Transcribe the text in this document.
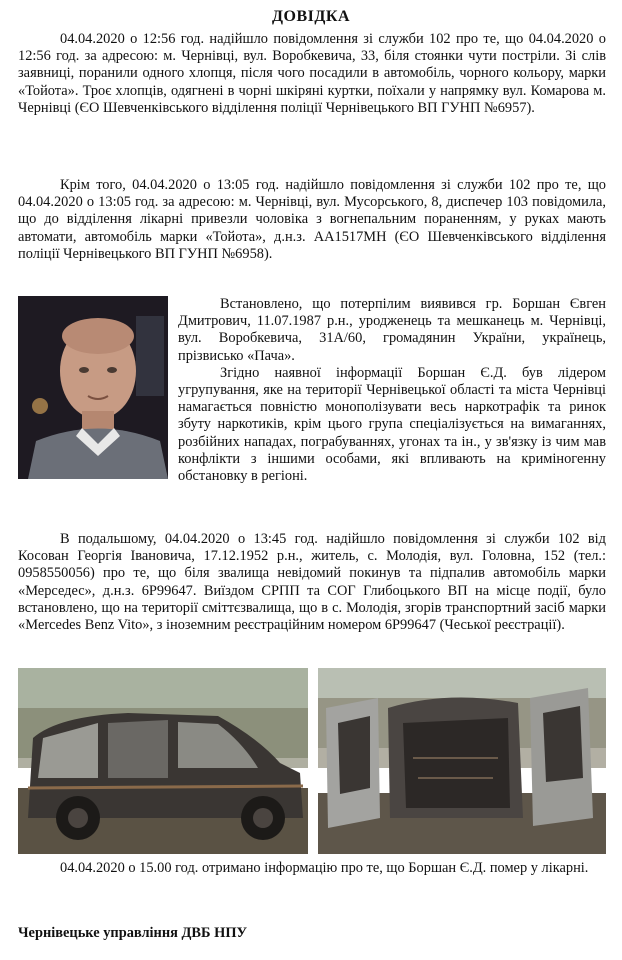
ДОВІДКА

04.04.2020 о 12:56 год. надійшло повідомлення зі служби 102 про те, що 04.04.2020 о 12:56 год. за адресою: м. Чернівці, вул. Воробкевича, 33, біля стоянки чути постріли. Зі слів заявниці, поранили одного хлопця, після чого посадили в автомобіль, чорного кольору, марки «Тойота». Троє хлопців, одягнені в чорні шкіряні куртки, поїхали у напрямку вул. Комарова м. Чернівці (ЄО Шевченківського відділення поліції Чернівецького ВП ГУНП №6957).

Крім того, 04.04.2020 о 13:05 год. надійшло повідомлення зі служби 102 про те, що 04.04.2020 о 13:05 год. за адресою: м. Чернівці, вул. Мусорського, 8, диспечер 103 повідомила, що до відділення лікарні привезли чоловіка з вогнепальним пораненням, у руках мають автомати, автомобіль марки «Тойота», д.н.з. АА1517МН (ЄО Шевченківського відділення поліції Чернівецького ВП ГУНП №6958).

Встановлено, що потерпілим виявився гр. Боршан Євген Дмитрович, 11.07.1987 р.н., уродженець та мешканець м. Чернівці, вул. Воробкевича, 31А/60, громадянин України, українець, прізвисько «Пача».
Згідно наявної інформації Боршан Є.Д. був лідером угрупування, яке на території Чернівецької області та міста Чернівці намагається повністю монополізувати весь наркотрафік та ринок збуту наркотиків, крім цього група спеціалізується на вимаганнях, розбійних нападах, пограбуваннях, угонах та ін., у зв'язку із чим мав конфлікти з іншими особами, які впливають на криміногенну обстановку в регіоні.

В подальшому, 04.04.2020 о 13:45 год. надійшло повідомлення зі служби 102 від Косован Георгія Івановича, 17.12.1952 р.н., житель, с. Молодія, вул. Головна, 152 (тел.: 0958550056) про те, що біля звалища невідомий покинув та підпалив автомобіль марки «Мерседес», д.н.з. 6Р99647. Виїздом СРПП та СОГ Глибоцького ВП на місце події, було встановлено, що на території сміттєзвалища, що в с. Молодія, згорів транспортний засіб марки «Mercedes Benz Vito», з іноземним реєстраційним номером 6Р99647 (Чеської реєстрації).

04.04.2020 о 15.00 год. отримано інформацію про те, що Боршан Є.Д. помер у лікарні.

Чернівецьке управління ДВБ НПУ
